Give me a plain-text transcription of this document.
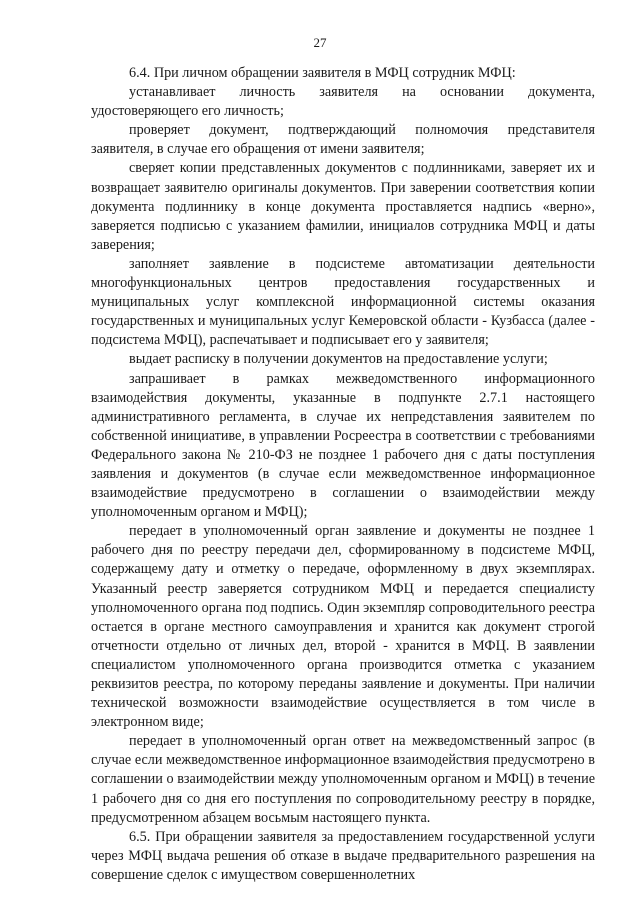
27

6.4. При личном обращении заявителя в МФЦ сотрудник МФЦ:

устанавливает личность заявителя на основании документа, удостоверяющего его личность;

проверяет документ, подтверждающий полномочия представителя заявителя, в случае его обращения от имени заявителя;

сверяет копии представленных документов с подлинниками, заверяет их и возвращает заявителю оригиналы документов. При заверении соответствия копии документа подлиннику в конце документа проставляется надпись «верно», заверяется подписью с указанием фамилии, инициалов сотрудника МФЦ и даты заверения;

заполняет заявление в подсистеме автоматизации деятельности многофункциональных центров предоставления государственных и муниципальных услуг комплексной информационной системы оказания государственных и муниципальных услуг Кемеровской области - Кузбасса (далее - подсистема МФЦ), распечатывает и подписывает его у заявителя;

выдает расписку в получении документов на предоставление услуги;

запрашивает в рамках межведомственного информационного взаимодействия документы, указанные в подпункте 2.7.1 настоящего административного регламента, в случае их непредставления заявителем по собственной инициативе, в управлении Росреестра в соответствии с требованиями Федерального закона № 210-ФЗ не позднее 1 рабочего дня с даты поступления заявления и документов (в случае если межведомственное информационное взаимодействие предусмотрено в соглашении о взаимодействии между уполномоченным органом и МФЦ);

передает в уполномоченный орган заявление и документы не позднее 1 рабочего дня по реестру передачи дел, сформированному в подсистеме МФЦ, содержащему дату и отметку о передаче, оформленному в двух экземплярах. Указанный реестр заверяется сотрудником МФЦ и передается специалисту уполномоченного органа под подпись. Один экземпляр сопроводительного реестра остается в органе местного самоуправления и хранится как документ строгой отчетности отдельно от личных дел, второй - хранится в МФЦ. В заявлении специалистом уполномоченного органа производится отметка с указанием реквизитов реестра, по которому переданы заявление и документы. При наличии технической возможности взаимодействие осуществляется в том числе в электронном виде;

передает в уполномоченный орган ответ на межведомственный запрос (в случае если межведомственное информационное взаимодействия предусмотрено в соглашении о взаимодействии между уполномоченным органом и МФЦ) в течение 1 рабочего дня со дня его поступления по сопроводительному реестру в порядке, предусмотренном абзацем восьмым настоящего пункта.

6.5. При обращении заявителя за предоставлением государственной услуги через МФЦ выдача решения об отказе в выдаче предварительного разрешения на совершение сделок с имуществом совершеннолетних
